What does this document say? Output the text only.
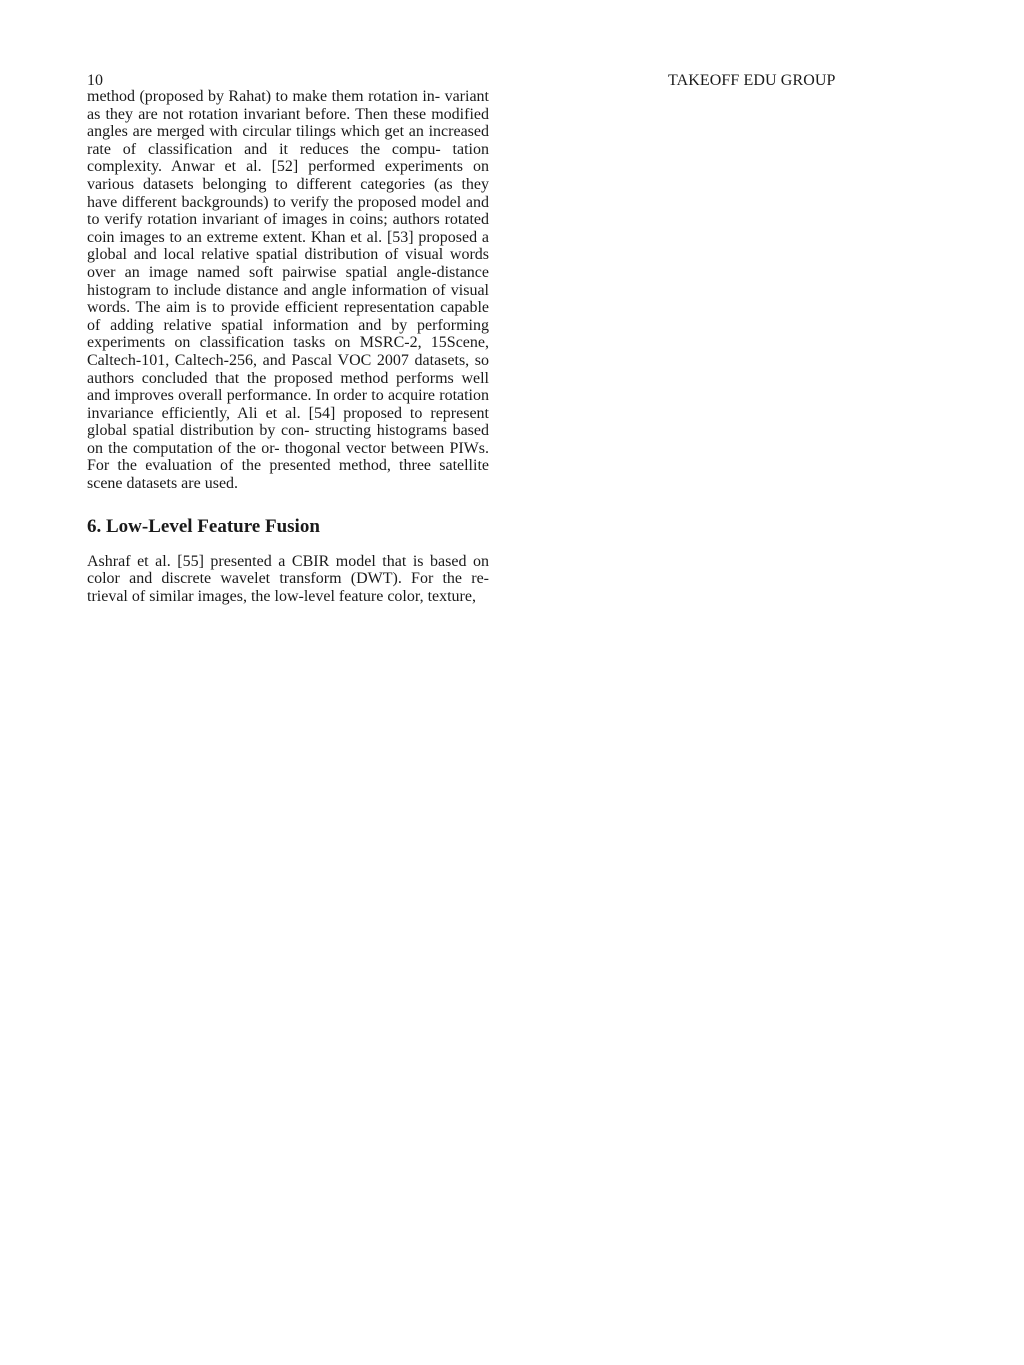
10	TAKEOFF EDU GROUP

method (proposed by Rahat) to make them rotation in- variant as they are not rotation invariant before. Then these modified angles are merged with circular tilings which get an increased rate of classification and it reduces the compu- tation complexity. Anwar et al. [52] performed experiments on various datasets belonging to different categories (as they have different backgrounds) to verify the proposed model and to verify rotation invariant of images in coins; authors rotated coin images to an extreme extent. Khan et al. [53] proposed a global and local relative spatial distribution of visual words over an image named soft pairwise spatial angle-distance histogram to include distance and angle information of visual words. The aim is to provide efficient representation capable of adding relative spatial information and by performing experiments on classification tasks on MSRC-2, 15Scene, Caltech-101, Caltech-256, and Pascal VOC 2007 datasets, so authors concluded that the proposed method performs well and improves overall performance. In order to acquire rotation invariance efficiently, Ali et al. [54] proposed to represent global spatial distribution by con- structing histograms based on the computation of the or- thogonal vector between PIWs. For the evaluation of the presented method, three satellite scene datasets are used.

6. Low-Level Feature Fusion

Ashraf et al. [55] presented a CBIR model that is based on color and discrete wavelet transform (DWT). For the re- trieval of similar images, the low-level feature color, texture,
